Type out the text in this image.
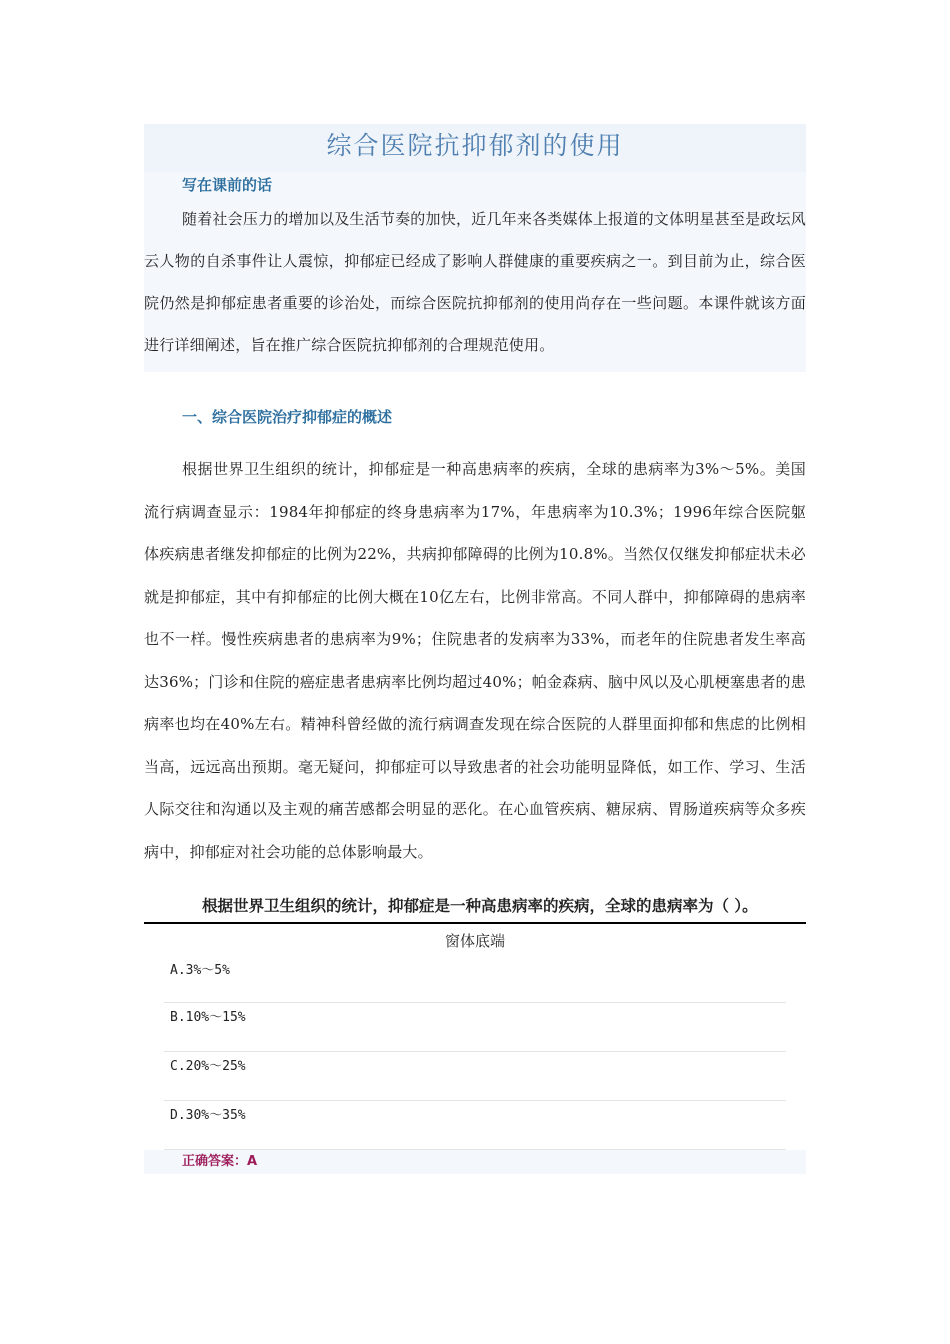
综合医院抗抑郁剂的使用
写在课前的话

随着社会压力的增加以及生活节奏的加快，近几年来各类媒体上报道的文体明星甚至是政坛风云人物的自杀事件让人震惊，抑郁症已经成了影响人群健康的重要疾病之一。到目前为止，综合医院仍然是抑郁症患者重要的诊治处，而综合医院抗抑郁剂的使用尚存在一些问题。本课件就该方面进行详细阐述，旨在推广综合医院抗抑郁剂的合理规范使用。

一、综合医院治疗抑郁症的概述

根据世界卫生组织的统计，抑郁症是一种高患病率的疾病，全球的患病率为3%～5%。美国流行病调查显示：1984年抑郁症的终身患病率为17%，年患病率为10.3%；1996年综合医院躯体疾病患者继发抑郁症的比例为22%，共病抑郁障碍的比例为10.8%。当然仅仅继发抑郁症状未必就是抑郁症，其中有抑郁症的比例大概在10亿左右，比例非常高。不同人群中，抑郁障碍的患病率也不一样。慢性疾病患者的患病率为9%；住院患者的发病率为33%，而老年的住院患者发生率高达36%；门诊和住院的癌症患者患病率比例均超过40%；帕金森病、脑中风以及心肌梗塞患者的患病率也均在40%左右。精神科曾经做的流行病调查发现在综合医院的人群里面抑郁和焦虑的比例相当高，远远高出预期。毫无疑问，抑郁症可以导致患者的社会功能明显降低，如工作、学习、生活人际交往和沟通以及主观的痛苦感都会明显的恶化。在心血管疾病、糖尿病、胃肠道疾病等众多疾病中，抑郁症对社会功能的总体影响最大。

根据世界卫生组织的统计，抑郁症是一种高患病率的疾病，全球的患病率为（ ）。
窗体底端
A.3%～5%
B.10%～15%
C.20%～25%
D.30%～35%
正确答案：A
